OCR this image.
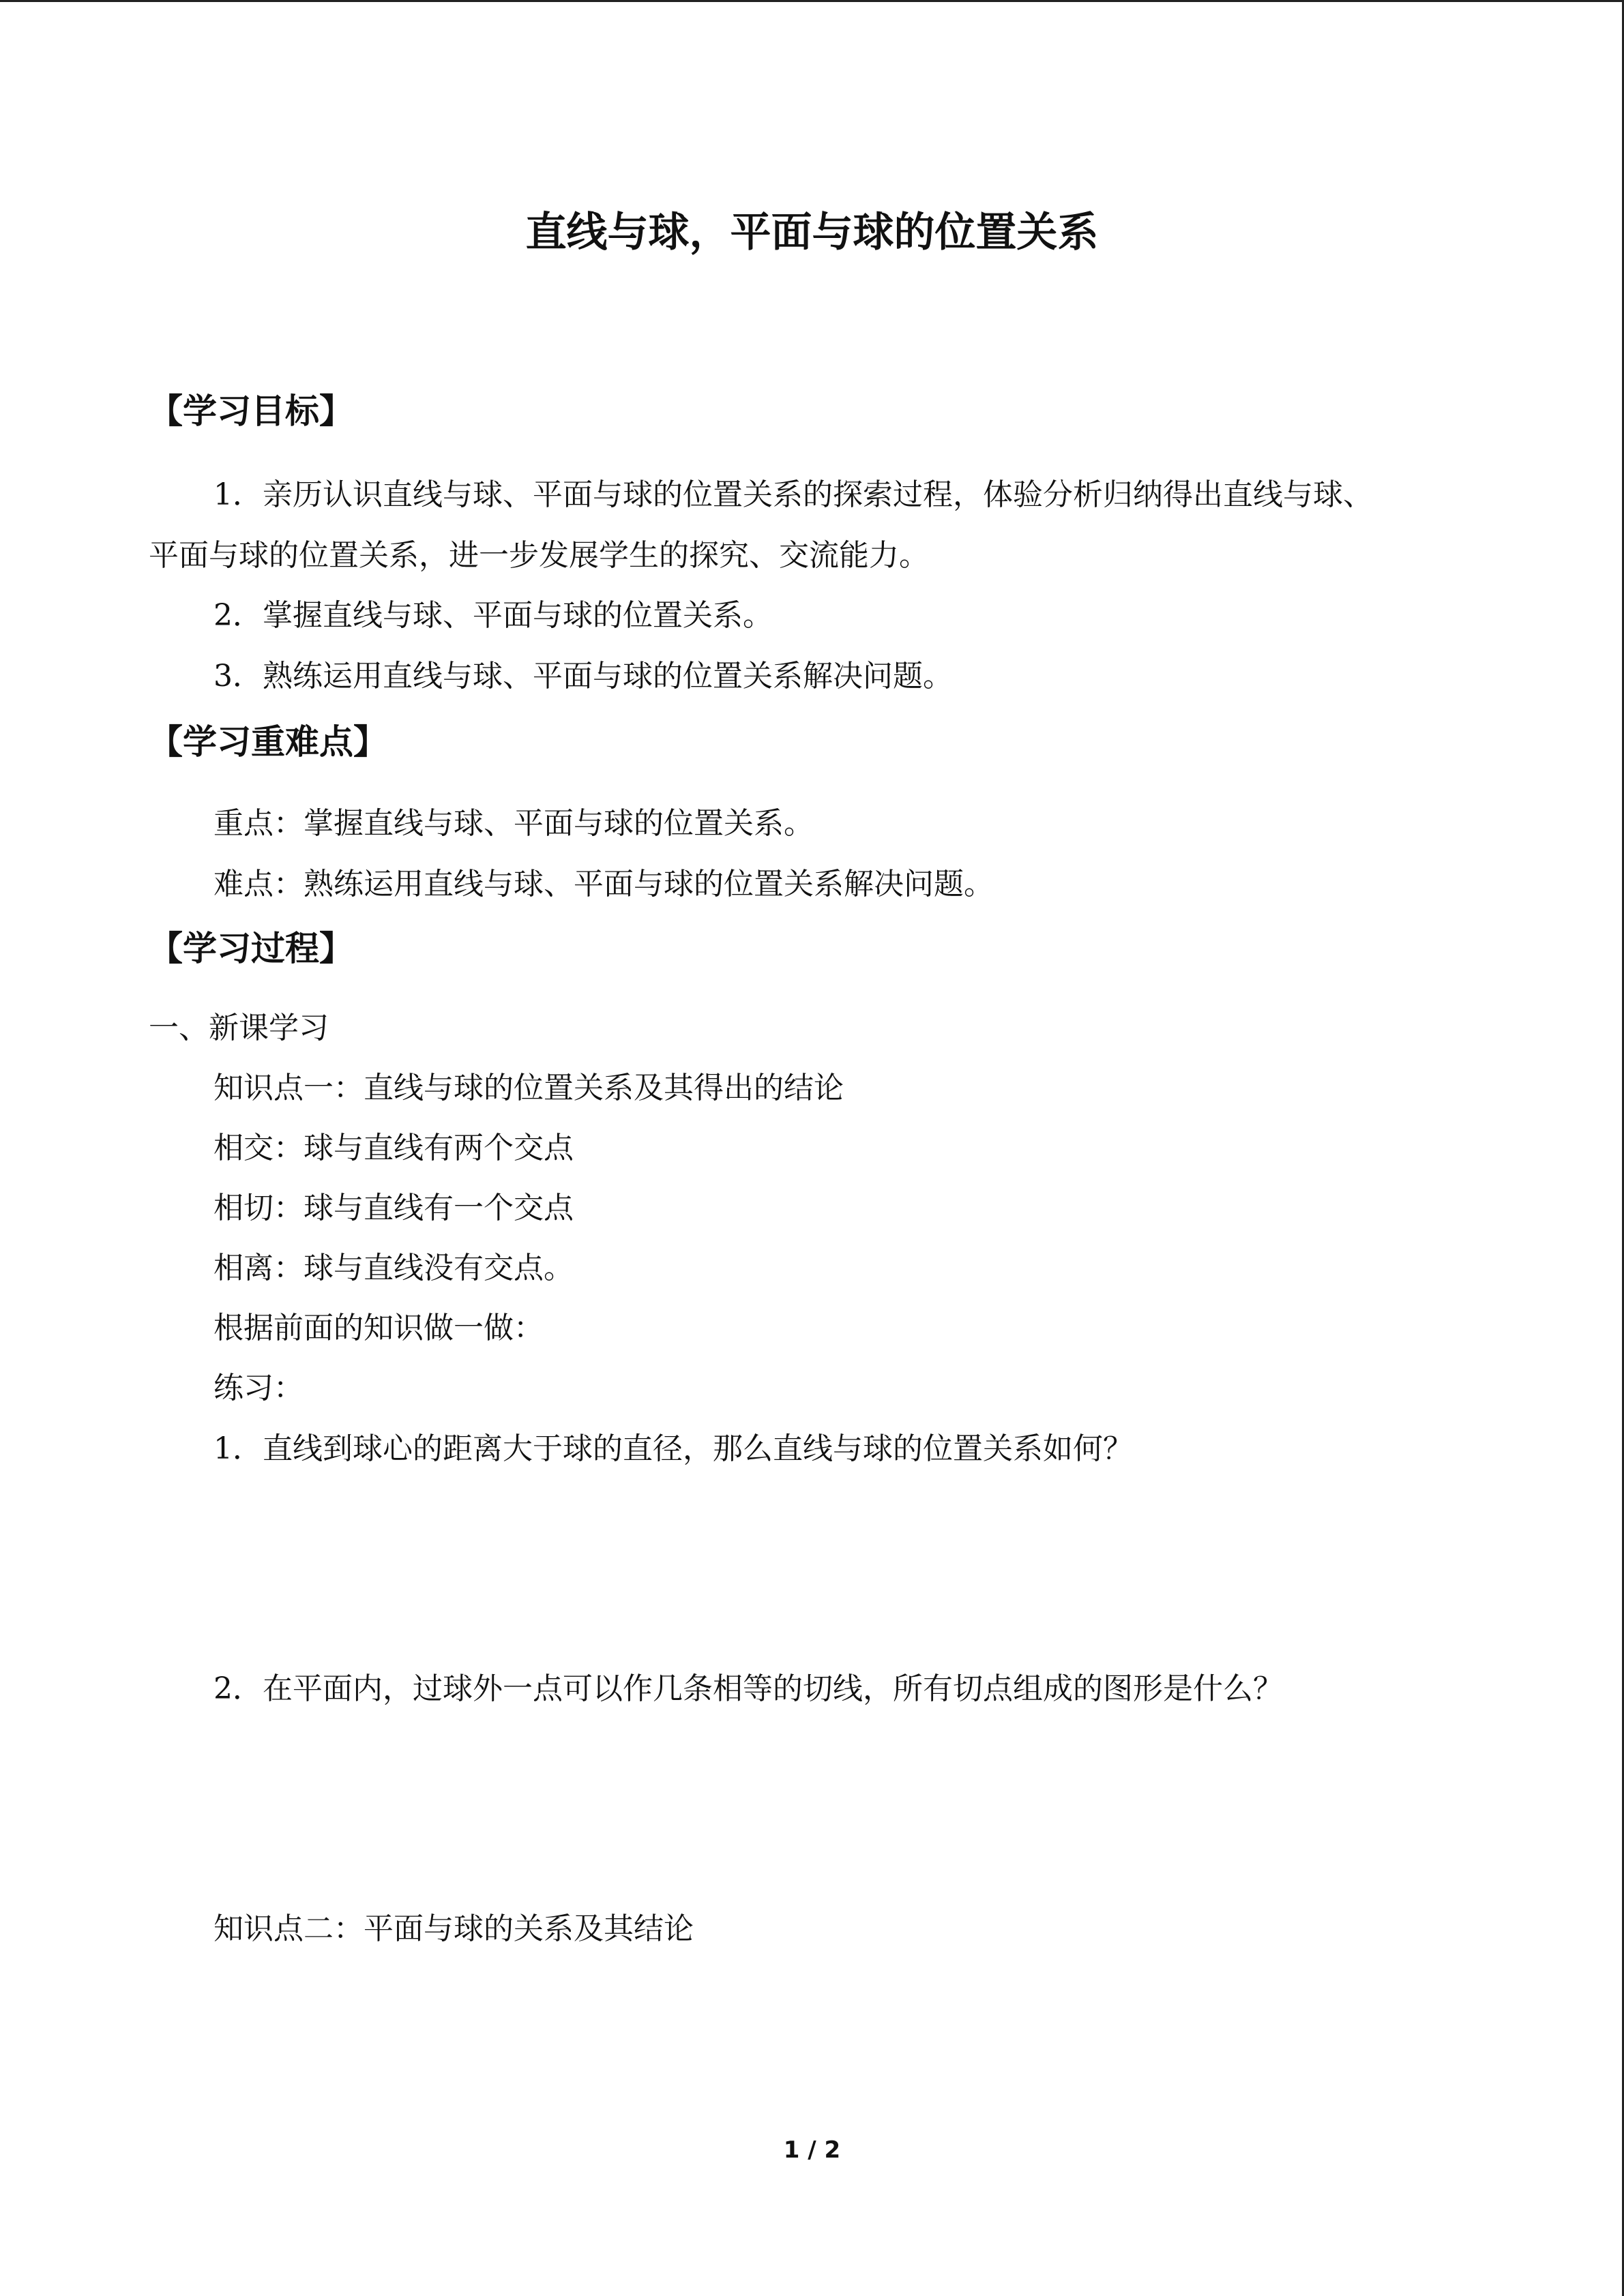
直线与球，平面与球的位置关系
【学习目标】
1．亲历认识直线与球、平面与球的位置关系的探索过程，体验分析归纳得出直线与球、
平面与球的位置关系，进一步发展学生的探究、交流能力。
2．掌握直线与球、平面与球的位置关系。
3．熟练运用直线与球、平面与球的位置关系解决问题。
【学习重难点】
重点：掌握直线与球、平面与球的位置关系。
难点：熟练运用直线与球、平面与球的位置关系解决问题。
【学习过程】
一、新课学习
知识点一：直线与球的位置关系及其得出的结论
相交：球与直线有两个交点
相切：球与直线有一个交点
相离：球与直线没有交点。
根据前面的知识做一做：
练习：
1．直线到球心的距离大于球的直径，那么直线与球的位置关系如何？
2．在平面内，过球外一点可以作几条相等的切线，所有切点组成的图形是什么？
知识点二：平面与球的关系及其结论
1 / 2
